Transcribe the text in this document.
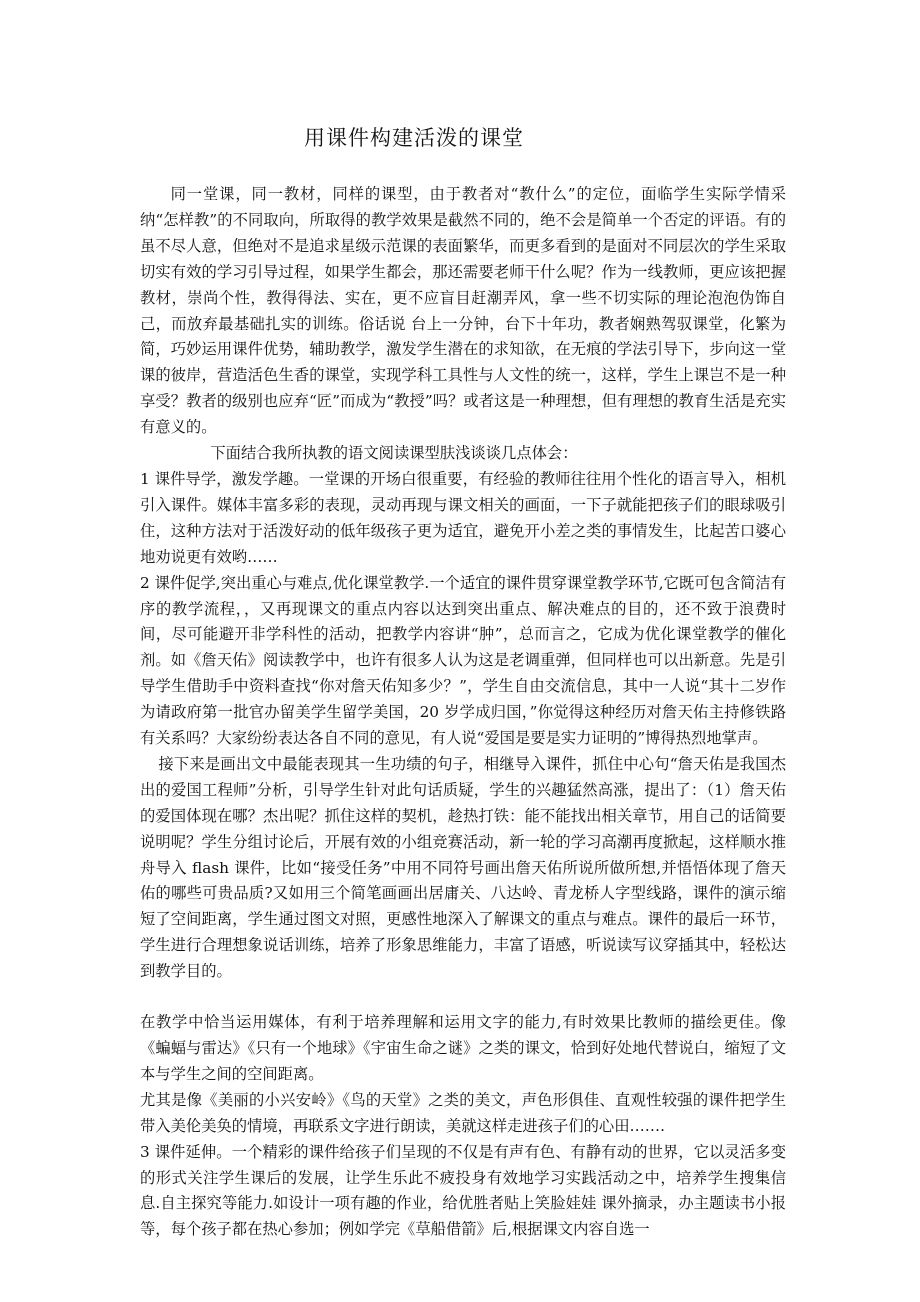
用课件构建活泼的课堂

同一堂课，同一教材，同样的课型，由于教者对“教什么”的定位，面临学生实际学情采纳“怎样教”的不同取向，所取得的教学效果是截然不同的，绝不会是简单一个否定的评语。有的虽不尽人意，但绝对不是追求星级示范课的表面繁华，而更多看到的是面对不同层次的学生采取切实有效的学习引导过程，如果学生都会，那还需要老师干什么呢？作为一线教师，更应该把握教材，崇尚个性，教得得法、实在，更不应盲目赶潮弄风，拿一些不切实际的理论泡泡伪饰自己，而放弃最基础扎实的训练。俗话说 台上一分钟，台下十年功，教者娴熟驾驭课堂，化繁为简，巧妙运用课件优势，辅助教学，激发学生潜在的求知欲，在无痕的学法引导下，步向这一堂课的彼岸，营造活色生香的课堂，实现学科工具性与人文性的统一，这样，学生上课岂不是一种享受？教者的级别也应弃“匠”而成为“教授”吗？或者这是一种理想，但有理想的教育生活是充实有意义的。

下面结合我所执教的语文阅读课型肤浅谈谈几点体会：

1 课件导学，激发学趣。一堂课的开场白很重要，有经验的教师往往用个性化的语言导入，相机引入课件。媒体丰富多彩的表现，灵动再现与课文相关的画面，一下子就能把孩子们的眼球吸引住，这种方法对于活泼好动的低年级孩子更为适宜，避免开小差之类的事情发生，比起苦口婆心地劝说更有效哟……

2 课件促学,突出重心与难点,优化课堂教学.一个适宜的课件贯穿课堂教学环节,它既可包含简洁有序的教学流程，，又再现课文的重点内容以达到突出重点、解决难点的目的，还不致于浪费时间，尽可能避开非学科性的活动，把教学内容讲“肿”，总而言之，它成为优化课堂教学的催化剂。如《詹天佑》阅读教学中，也许有很多人认为这是老调重弹，但同样也可以出新意。先是引导学生借助手中资料查找“你对詹天佑知多少？”，学生自由交流信息，其中一人说“其十二岁作为请政府第一批官办留美学生留学美国，20 岁学成归国，”你觉得这种经历对詹天佑主持修铁路有关系吗？大家纷纷表达各自不同的意见，有人说“爱国是要是实力证明的”博得热烈地掌声。

接下来是画出文中最能表现其一生功绩的句子，相继导入课件，抓住中心句“詹天佑是我国杰出的爱国工程师”分析，引导学生针对此句话质疑，学生的兴趣猛然高涨，提出了：（1）詹天佑的爱国体现在哪？杰出呢？抓住这样的契机，趁热打铁：能不能找出相关章节，用自己的话简要说明呢？学生分组讨论后，开展有效的小组竞赛活动，新一轮的学习高潮再度掀起，这样顺水推舟导入 flash 课件，比如“接受任务”中用不同符号画出詹天佑所说所做所想,并悟悟体现了詹天佑的哪些可贵品质?又如用三个简笔画画出居庸关、八达岭、青龙桥人字型线路，课件的演示缩短了空间距离，学生通过图文对照，更感性地深入了解课文的重点与难点。课件的最后一环节，学生进行合理想象说话训练，培养了形象思维能力，丰富了语感，听说读写议穿插其中，轻松达到教学目的。

在教学中恰当运用媒体，有利于培养理解和运用文字的能力,有时效果比教师的描绘更佳。像《蝙蝠与雷达》《只有一个地球》《宇宙生命之谜》之类的课文，恰到好处地代替说白，缩短了文本与学生之间的空间距离。

尤其是像《美丽的小兴安岭》《鸟的天堂》之类的美文，声色形俱佳、直观性较强的课件把学生带入美伦美奂的情境，再联系文字进行朗读，美就这样走进孩子们的心田…….

3 课件延伸。一个精彩的课件给孩子们呈现的不仅是有声有色、有静有动的世界，它以灵活多变的形式关注学生课后的发展，让学生乐此不疲投身有效地学习实践活动之中，培养学生搜集信息.自主探究等能力.如设计一项有趣的作业，给优胜者贴上笑脸娃娃 课外摘录，办主题读书小报等，每个孩子都在热心参加；例如学完《草船借箭》后,根据课文内容自选一
